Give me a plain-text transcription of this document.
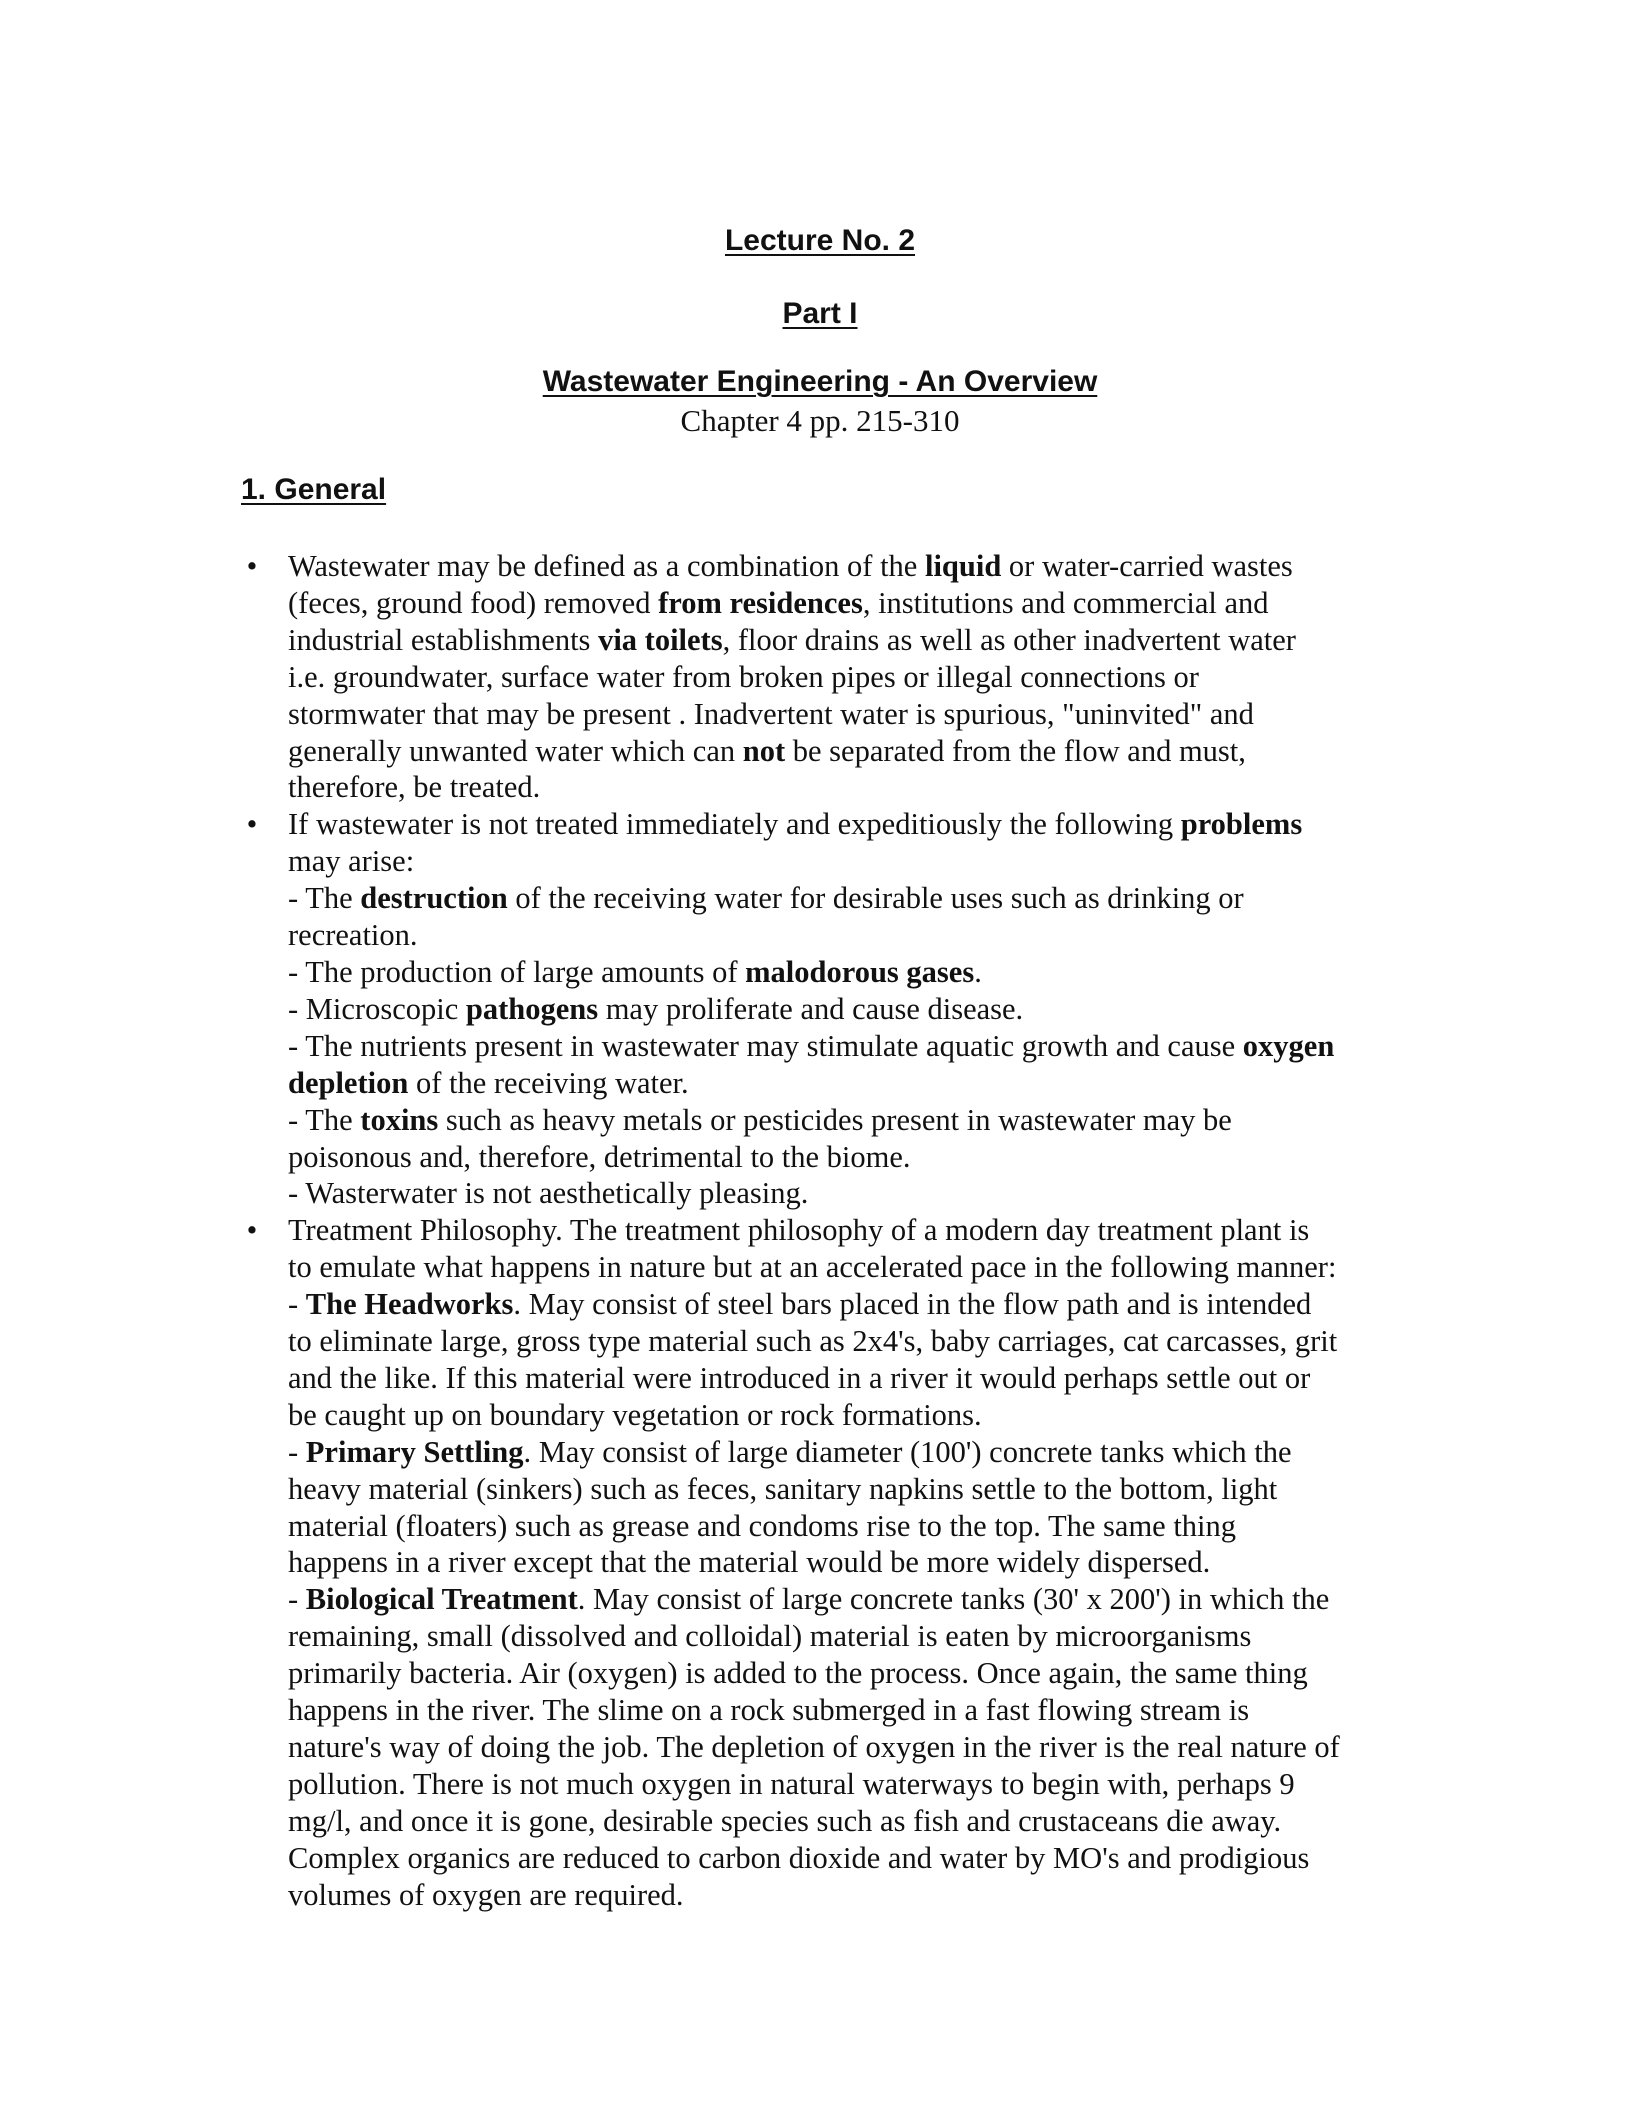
Lecture No. 2
Part I
Wastewater Engineering - An Overview

Chapter 4 pp. 215-310

1. General
• Wastewater may be defined as a combination of the liquid or water-carried wastes
(feces, ground food) removed from residences, institutions and commercial and
industrial establishments via toilets, floor drains as well as other inadvertent water
i.e. groundwater, surface water from broken pipes or illegal connections or
stormwater that may be present . Inadvertent water is spurious, "uninvited" and
generally unwanted water which can not be separated from the flow and must,
therefore, be treated.
• If wastewater is not treated immediately and expeditiously the following problems
may arise:
- The destruction of the receiving water for desirable uses such as drinking or
recreation.
- The production of large amounts of malodorous gases.
- Microscopic pathogens may proliferate and cause disease.
- The nutrients present in wastewater may stimulate aquatic growth and cause oxygen
depletion of the receiving water.
- The toxins such as heavy metals or pesticides present in wastewater may be
poisonous and, therefore, detrimental to the biome.
- Wasterwater is not aesthetically pleasing.
• Treatment Philosophy. The treatment philosophy of a modern day treatment plant is
to emulate what happens in nature but at an accelerated pace in the following manner:
- The Headworks. May consist of steel bars placed in the flow path and is intended
to eliminate large, gross type material such as 2x4's, baby carriages, cat carcasses, grit
and the like. If this material were introduced in a river it would perhaps settle out or
be caught up on boundary vegetation or rock formations.
- Primary Settling. May consist of large diameter (100') concrete tanks which the
heavy material (sinkers) such as feces, sanitary napkins settle to the bottom, light
material (floaters) such as grease and condoms rise to the top. The same thing
happens in a river except that the material would be more widely dispersed.
- Biological Treatment. May consist of large concrete tanks (30' x 200') in which the
remaining, small (dissolved and colloidal) material is eaten by microorganisms
primarily bacteria. Air (oxygen) is added to the process. Once again, the same thing
happens in the river. The slime on a rock submerged in a fast flowing stream is
nature's way of doing the job. The depletion of oxygen in the river is the real nature of
pollution. There is not much oxygen in natural waterways to begin with, perhaps 9
mg/l, and once it is gone, desirable species such as fish and crustaceans die away.
Complex organics are reduced to carbon dioxide and water by MO's and prodigious
volumes of oxygen are required.
